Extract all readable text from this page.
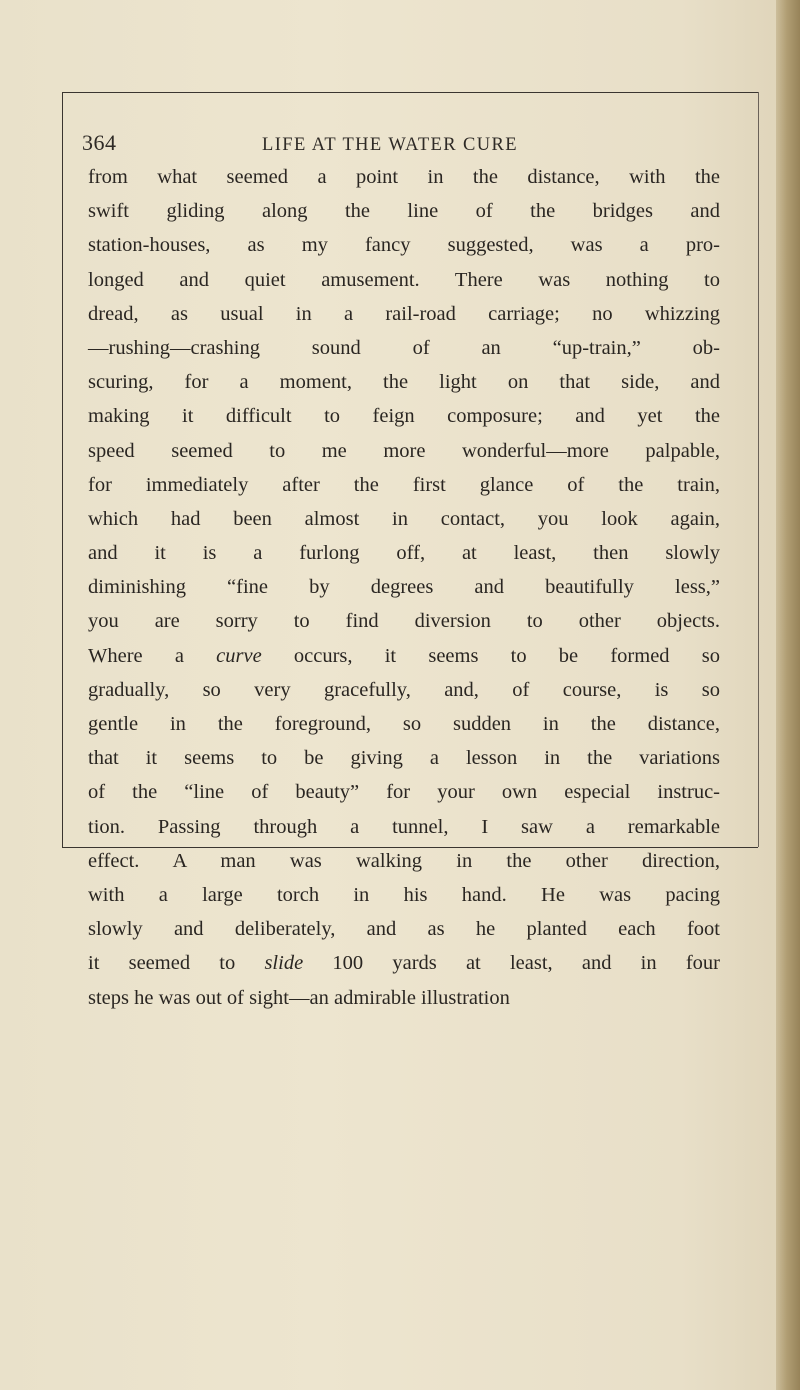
364	LIFE AT THE WATER CURE
from what seemed a point in the distance, with the
swift gliding along the line of the bridges and
station-houses, as my fancy suggested, was a pro-
longed and quiet amusement. There was nothing to
dread, as usual in a rail-road carriage; no whizzing
—rushing—crashing sound of an “up-train,” ob-
scuring, for a moment, the light on that side, and
making it difficult to feign composure; and yet the
speed seemed to me more wonderful—more palpable,
for immediately after the first glance of the train,
which had been almost in contact, you look again,
and it is a furlong off, at least, then slowly
diminishing “fine by degrees and beautifully less,”
you are sorry to find diversion to other objects.
Where a curve occurs, it seems to be formed so
gradually, so very gracefully, and, of course, is so
gentle in the foreground, so sudden in the distance,
that it seems to be giving a lesson in the variations
of the “line of beauty” for your own especial instruc-
tion. Passing through a tunnel, I saw a remarkable
effect. A man was walking in the other direction,
with a large torch in his hand. He was pacing
slowly and deliberately, and as he planted each foot
it seemed to slide 100 yards at least, and in four
steps he was out of sight—an admirable illustration
